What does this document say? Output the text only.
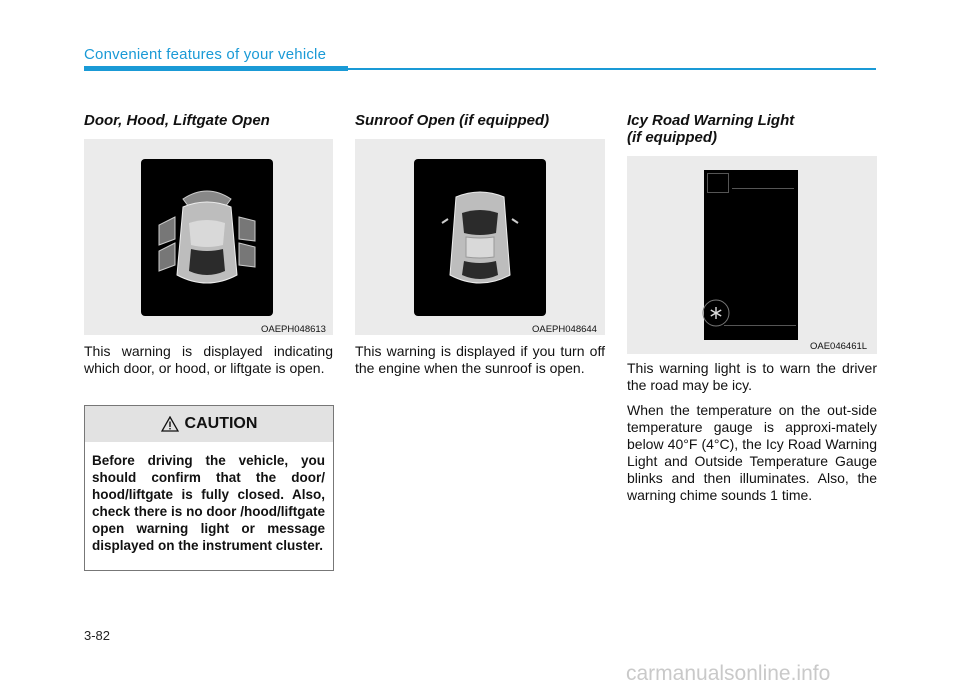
Convenient features of your vehicle
Door, Hood, Liftgate Open
OAEPH048613

This warning is displayed indicating which door, or hood, or liftgate is open.

CAUTION
Before driving the vehicle, you should confirm that the door/ hood/liftgate is fully closed. Also, check there is no door /hood/liftgate open warning light or message displayed on the instrument cluster.
Sunroof Open (if equipped)
OAEPH048644

This warning is displayed if you turn off the engine when the sunroof is open.

Icy Road Warning Light
(if equipped)
OAE046461L

This warning light is to warn the driver the road may be icy.

When the temperature on the out-side temperature gauge is approxi-mately below 40°F (4°C), the Icy Road Warning Light and Outside Temperature Gauge blinks and then illuminates. Also, the warning chime sounds 1 time.

3-82
carmanualsonline.info
